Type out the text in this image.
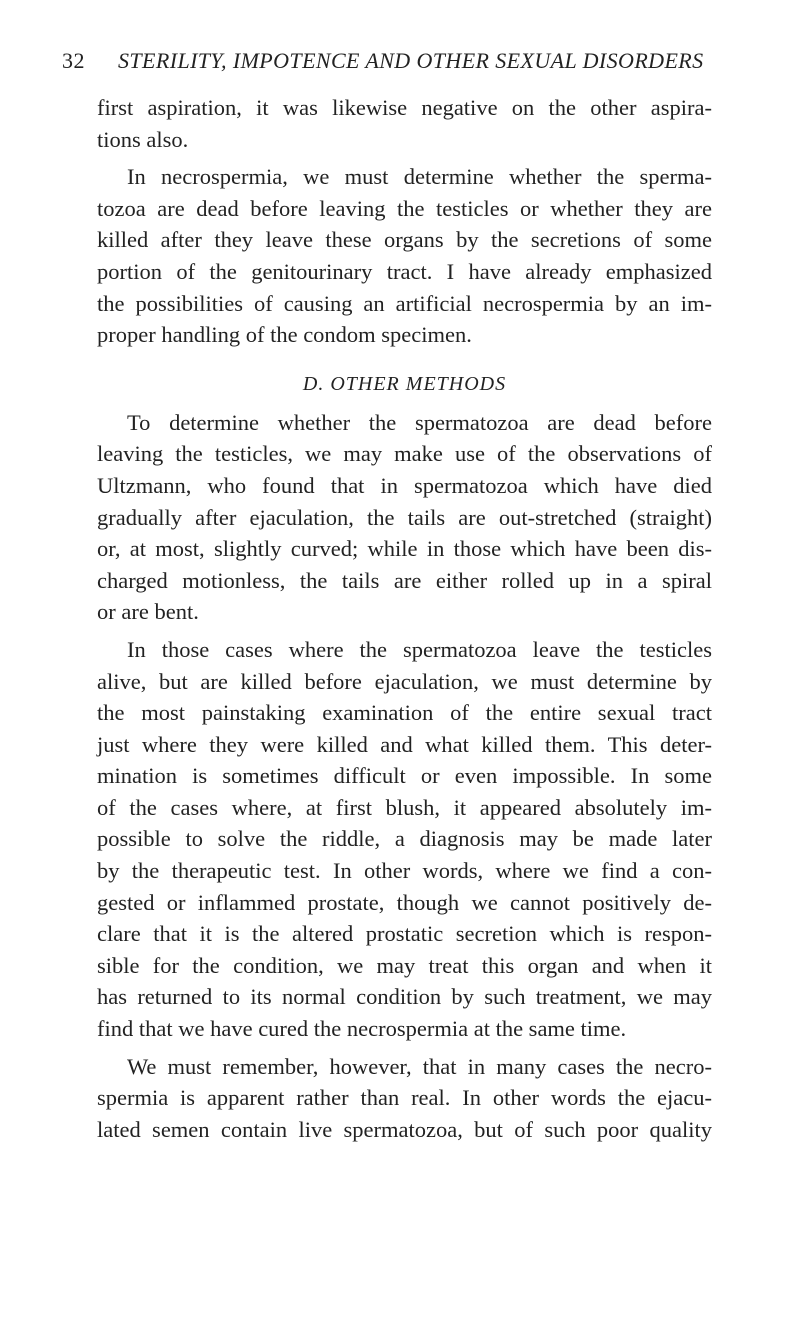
32 STERILITY, IMPOTENCE AND OTHER SEXUAL DISORDERS
first aspiration, it was likewise negative on the other aspira-
tions also.
In necrospermia, we must determine whether the sperma-
tozoa are dead before leaving the testicles or whether they are
killed after they leave these organs by the secretions of some
portion of the genitourinary tract. I have already emphasized
the possibilities of causing an artificial necrospermia by an im-
proper handling of the condom specimen.
D. OTHER METHODS
To determine whether the spermatozoa are dead before
leaving the testicles, we may make use of the observations of
Ultzmann, who found that in spermatozoa which have died
gradually after ejaculation, the tails are out-stretched (straight)
or, at most, slightly curved; while in those which have been dis-
charged motionless, the tails are either rolled up in a spiral
or are bent.
In those cases where the spermatozoa leave the testicles
alive, but are killed before ejaculation, we must determine by
the most painstaking examination of the entire sexual tract
just where they were killed and what killed them. This deter-
mination is sometimes difficult or even impossible. In some
of the cases where, at first blush, it appeared absolutely im-
possible to solve the riddle, a diagnosis may be made later
by the therapeutic test. In other words, where we find a con-
gested or inflammed prostate, though we cannot positively de-
clare that it is the altered prostatic secretion which is respon-
sible for the condition, we may treat this organ and when it
has returned to its normal condition by such treatment, we may
find that we have cured the necrospermia at the same time.
We must remember, however, that in many cases the necro-
spermia is apparent rather than real. In other words the ejacu-
lated semen contain live spermatozoa, but of such poor quality
